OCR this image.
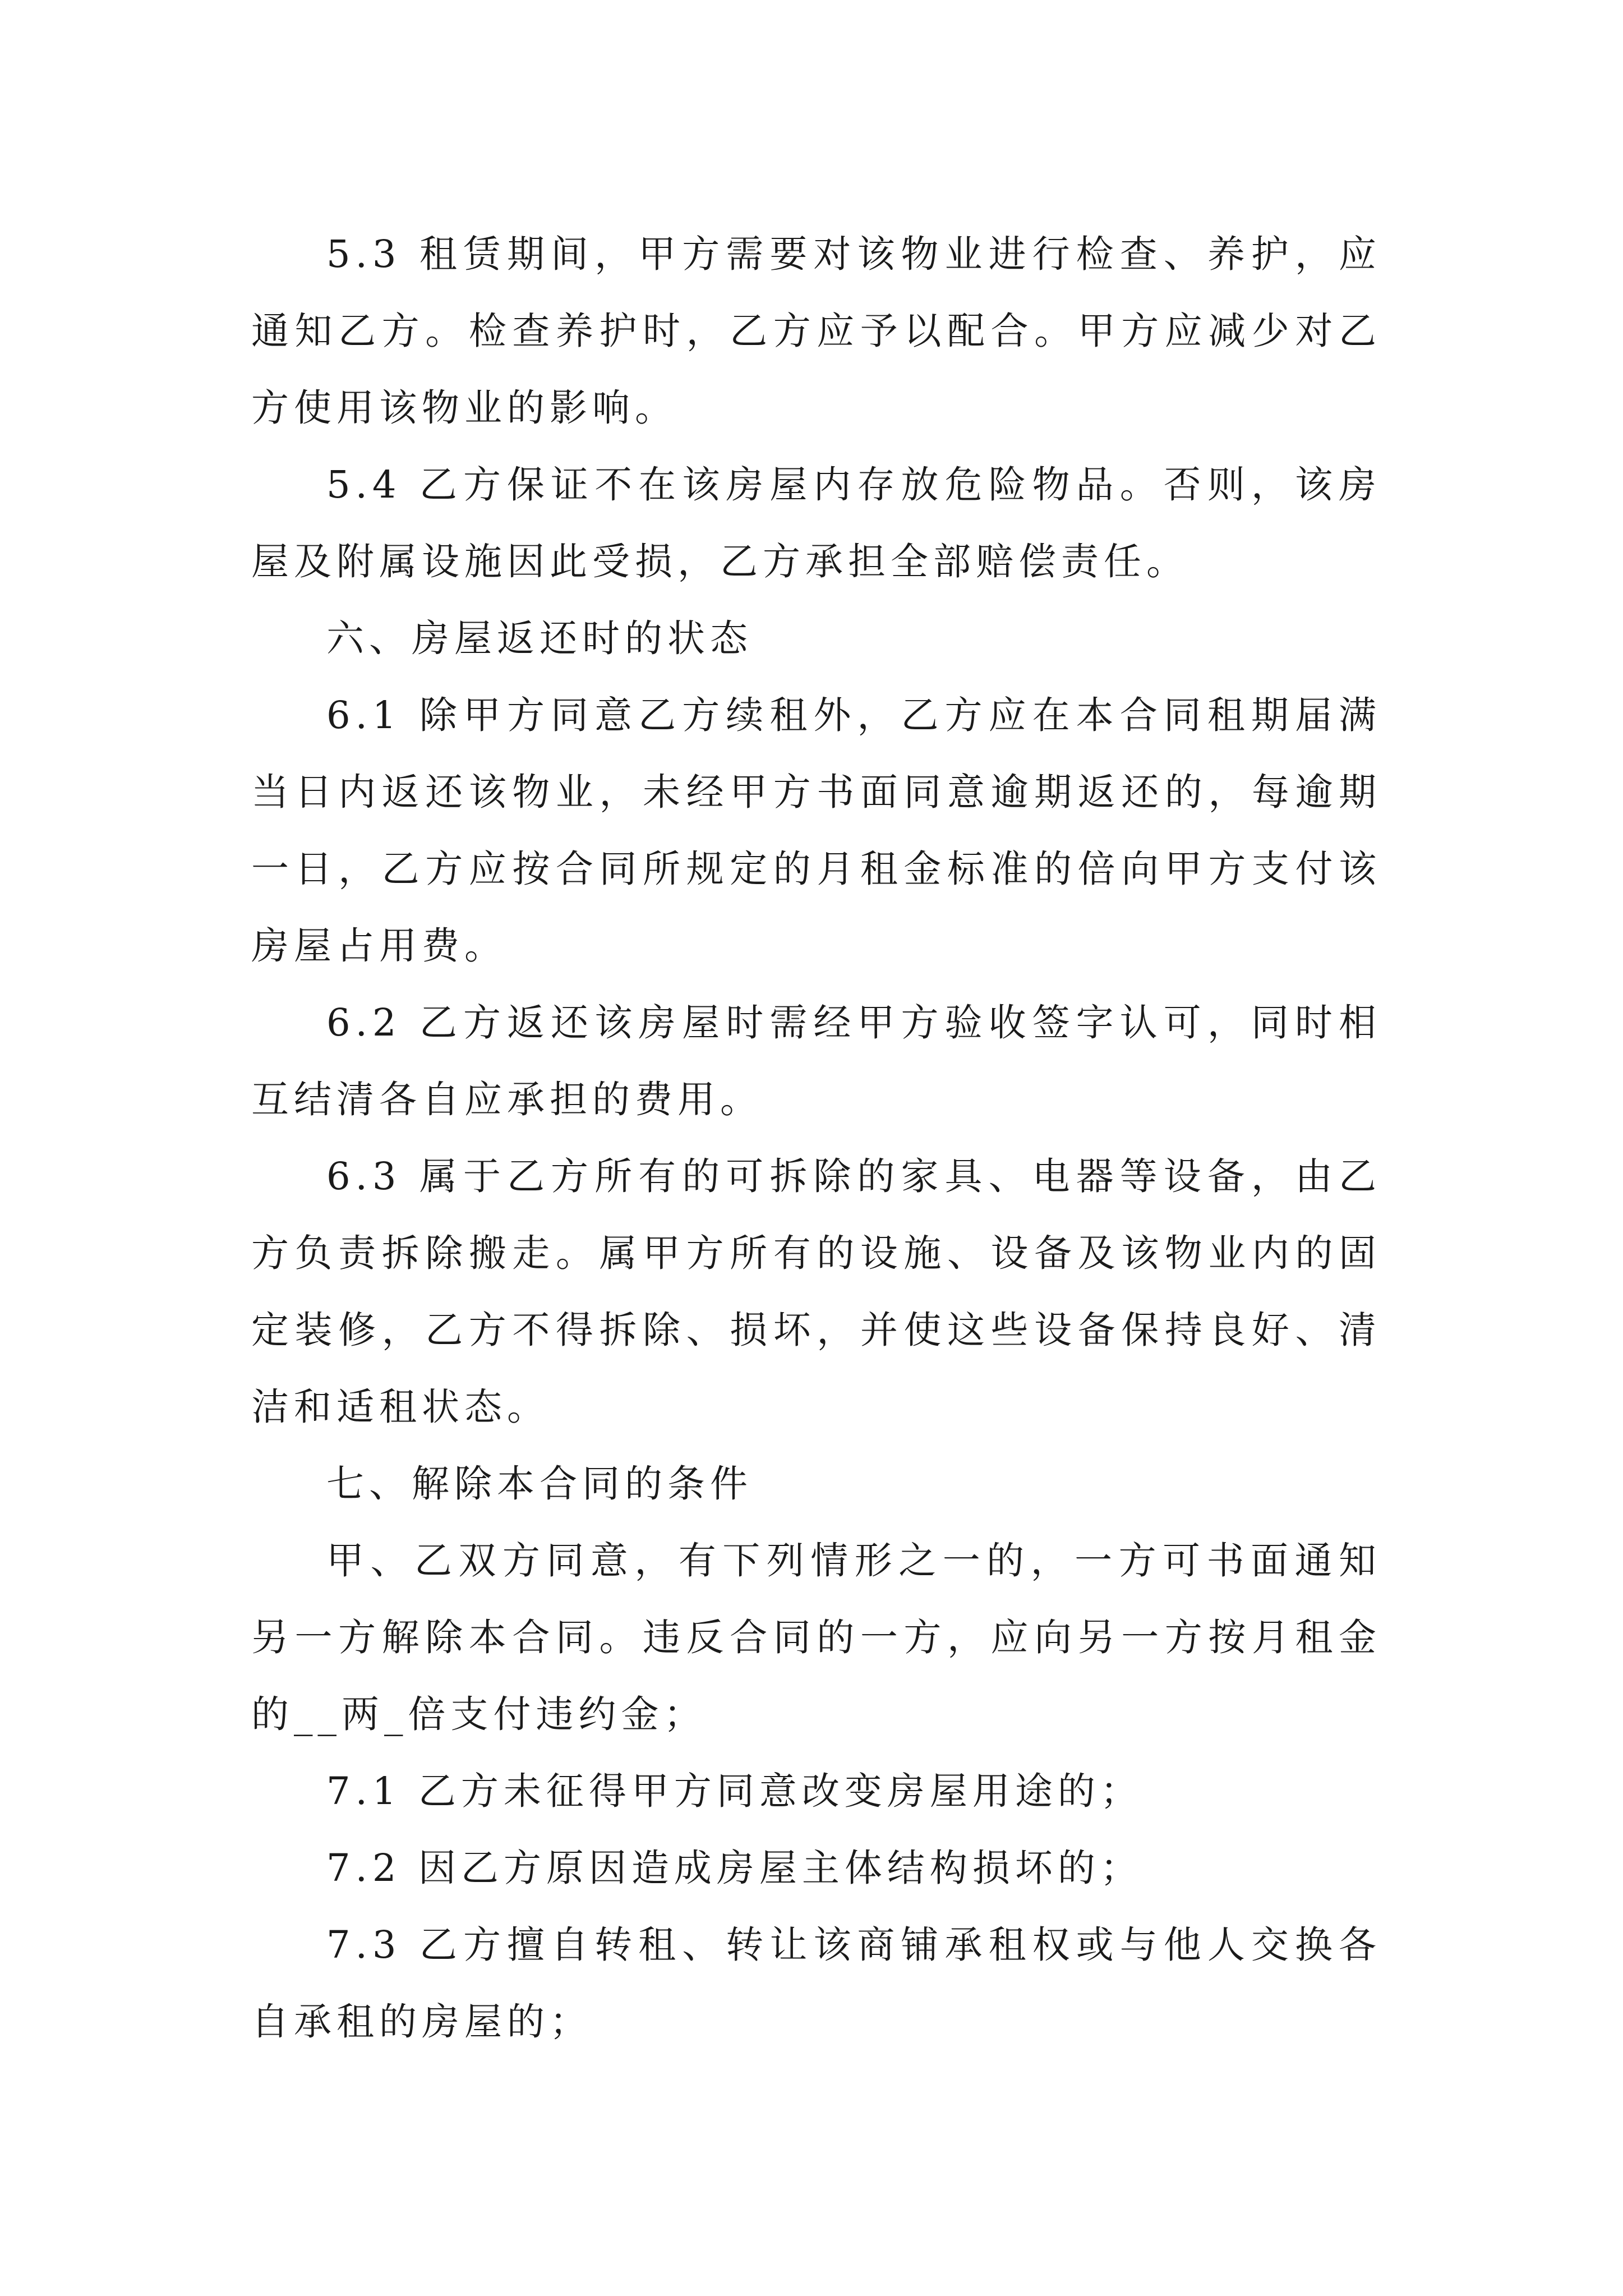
5.3 租赁期间，甲方需要对该物业进行检查、养护，应通知乙方。检查养护时，乙方应予以配合。甲方应减少对乙方使用该物业的影响。

5.4 乙方保证不在该房屋内存放危险物品。否则，该房屋及附属设施因此受损，乙方承担全部赔偿责任。

六、房屋返还时的状态

6.1 除甲方同意乙方续租外，乙方应在本合同租期届满当日内返还该物业，未经甲方书面同意逾期返还的，每逾期一日，乙方应按合同所规定的月租金标准的倍向甲方支付该房屋占用费。

6.2 乙方返还该房屋时需经甲方验收签字认可，同时相互结清各自应承担的费用。

6.3 属于乙方所有的可拆除的家具、电器等设备，由乙方负责拆除搬走。属甲方所有的设施、设备及该物业内的固定装修，乙方不得拆除、损坏，并使这些设备保持良好、清洁和适租状态。

七、解除本合同的条件

甲、乙双方同意，有下列情形之一的，一方可书面通知另一方解除本合同。违反合同的一方，应向另一方按月租金的__两_倍支付违约金；

7.1 乙方未征得甲方同意改变房屋用途的；

7.2 因乙方原因造成房屋主体结构损坏的；

7.3 乙方擅自转租、转让该商铺承租权或与他人交换各自承租的房屋的；
